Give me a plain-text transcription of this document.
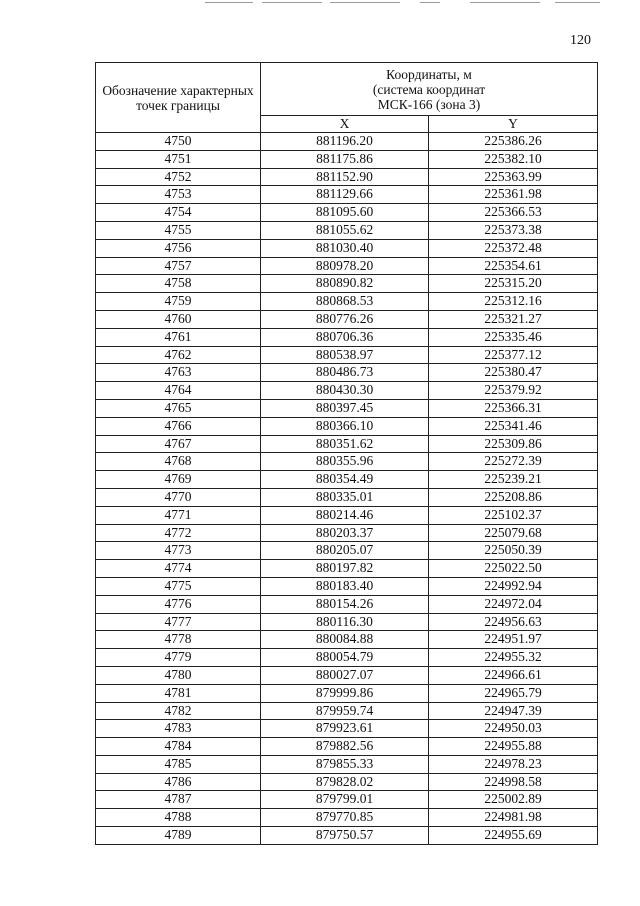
120
Обозначение характерных точек границы	Координаты, м
(система координат
МСК-166 (зона 3)	

	X	Y
4750	881196.20	225386.26
4751	881175.86	225382.10
4752	881152.90	225363.99
4753	881129.66	225361.98
4754	881095.60	225366.53
4755	881055.62	225373.38
4756	881030.40	225372.48
4757	880978.20	225354.61
4758	880890.82	225315.20
4759	880868.53	225312.16
4760	880776.26	225321.27
4761	880706.36	225335.46
4762	880538.97	225377.12
4763	880486.73	225380.47
4764	880430.30	225379.92
4765	880397.45	225366.31
4766	880366.10	225341.46
4767	880351.62	225309.86
4768	880355.96	225272.39
4769	880354.49	225239.21
4770	880335.01	225208.86
4771	880214.46	225102.37
4772	880203.37	225079.68
4773	880205.07	225050.39
4774	880197.82	225022.50
4775	880183.40	224992.94
4776	880154.26	224972.04
4777	880116.30	224956.63
4778	880084.88	224951.97
4779	880054.79	224955.32
4780	880027.07	224966.61
4781	879999.86	224965.79
4782	879959.74	224947.39
4783	879923.61	224950.03
4784	879882.56	224955.88
4785	879855.33	224978.23
4786	879828.02	224998.58
4787	879799.01	225002.89
4788	879770.85	224981.98
4789	879750.57	224955.69
